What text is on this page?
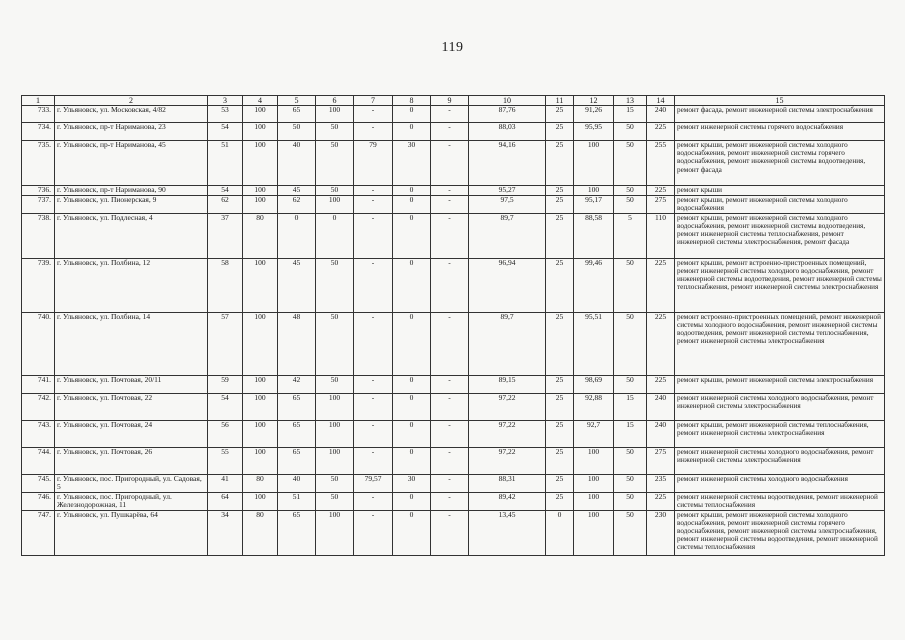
119
1	2	3	4	5	6	7	8	9	10	11	12	13	14	15
733.	г. Ульяновск, ул. Московская, 4/82	53	100	65	100	-	0	-	87,76	25	91,26	15	240	ремонт фасада, ремонт инженерной системы электроснабжения
734.	г. Ульяновск, пр-т Нариманова, 23	54	100	50	50	-	0	-	88,03	25	95,95	50	225	ремонт инженерной системы горячего водоснабжения
735.	г. Ульяновск, пр-т Нариманова, 45	51	100	40	50	79	30	-	94,16	25	100	50	255	ремонт крыши, ремонт инженерной системы холодного водоснабжения, ремонт инженерной системы горячего водоснабжения, ремонт инженерной системы водоотведения, ремонт фасада
736.	г. Ульяновск, пр-т Нариманова, 90	54	100	45	50	-	0	-	95,27	25	100	50	225	ремонт крыши
737.	г. Ульяновск, ул. Пионерская, 9	62	100	62	100	-	0	-	97,5	25	95,17	50	275	ремонт крыши, ремонт инженерной системы холодного водоснабжения
738.	г. Ульяновск, ул. Подлесная, 4	37	80	0	0	-	0	-	89,7	25	88,58	5	110	ремонт крыши, ремонт инженерной системы холодного водоснабжения, ремонт инженерной системы водоотведения, ремонт инженерной системы теплоснабжения, ремонт инженерной системы электроснабжения, ремонт фасада
739.	г. Ульяновск, ул. Полбина, 12	58	100	45	50	-	0	-	96,94	25	99,46	50	225	ремонт крыши, ремонт встроенно-пристроенных помещений, ремонт инженерной системы холодного водоснабжения, ремонт инженерной системы водоотведения, ремонт инженерной системы теплоснабжения, ремонт инженерной системы электроснабжения
740.	г. Ульяновск, ул. Полбина, 14	57	100	48	50	-	0	-	89,7	25	95,51	50	225	ремонт встроенно-пристроенных помещений, ремонт инженерной системы холодного водоснабжения, ремонт инженерной системы водоотведения, ремонт инженерной системы теплоснабжения, ремонт инженерной системы электроснабжения
741.	г. Ульяновск, ул. Почтовая, 20/11	59	100	42	50	-	0	-	89,15	25	98,69	50	225	ремонт крыши, ремонт инженерной системы электроснабжения
742.	г. Ульяновск, ул. Почтовая, 22	54	100	65	100	-	0	-	97,22	25	92,88	15	240	ремонт инженерной системы холодного водоснабжения, ремонт инженерной системы электроснабжения
743.	г. Ульяновск, ул. Почтовая, 24	56	100	65	100	-	0	-	97,22	25	92,7	15	240	ремонт крыши, ремонт инженерной системы теплоснабжения, ремонт инженерной системы электроснабжения
744.	г. Ульяновск, ул. Почтовая, 26	55	100	65	100	-	0	-	97,22	25	100	50	275	ремонт инженерной системы холодного водоснабжения, ремонт инженерной системы электроснабжения
745.	г. Ульяновск, пос. Пригородный, ул. Садовая, 5	41	80	40	50	79,57	30	-	88,31	25	100	50	235	ремонт инженерной системы холодного водоснабжения
746.	г. Ульяновск, пос. Пригородный, ул. Железнодорожная, 11	64	100	51	50	-	0	-	89,42	25	100	50	225	ремонт инженерной системы водоотведения, ремонт инженерной системы теплоснабжения
747.	г. Ульяновск, ул. Пушкарёва, 64	34	80	65	100	-	0	-	13,45	0	100	50	230	ремонт крыши, ремонт инженерной системы холодного водоснабжения, ремонт инженерной системы горячего водоснабжения, ремонт инженерной системы электроснабжения, ремонт инженерной системы водоотведения, ремонт инженерной системы теплоснабжения
